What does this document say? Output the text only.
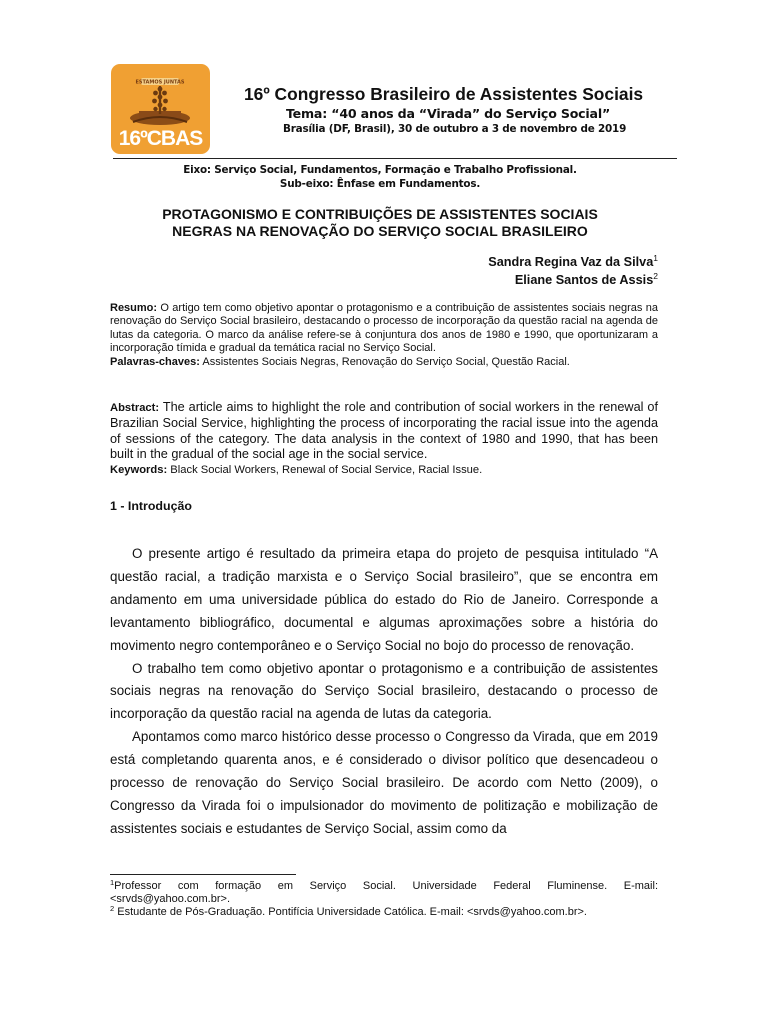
ESTAMOS JUNTAS
16ºCBAS
16º Congresso Brasileiro de Assistentes Sociais
Tema: “40 anos da “Virada” do Serviço Social”
Brasília (DF, Brasil), 30 de outubro a 3 de novembro de 2019
Eixo: Serviço Social, Fundamentos, Formação e Trabalho Profissional.
Sub-eixo: Ênfase em Fundamentos.
PROTAGONISMO E CONTRIBUIÇÕES DE ASSISTENTES SOCIAIS
NEGRAS NA RENOVAÇÃO DO SERVIÇO SOCIAL BRASILEIRO
Sandra Regina Vaz da Silva$^1$
Eliane Santos de Assis$^2$
Resumo: O artigo tem como objetivo apontar o protagonismo e a contribuição de assistentes sociais negras na renovação do Serviço Social brasileiro, destacando o processo de incorporação da questão racial na agenda de lutas da categoria. O marco da análise refere-se à conjuntura dos anos de 1980 e 1990, que oportunizaram a incorporação tímida e gradual da temática racial no Serviço Social.
Palavras-chaves: Assistentes Sociais Negras, Renovação do Serviço Social, Questão Racial.
Abstract: The article aims to highlight the role and contribution of social workers in the renewal of Brazilian Social Service, highlighting the process of incorporating the racial issue into the agenda of sessions of the category. The data analysis in the context of 1980 and 1990, that has been built in the gradual of the social age in the social service.
Keywords: Black Social Workers, Renewal of Social Service, Racial Issue.
1 - Introdução

O presente artigo é resultado da primeira etapa do projeto de pesquisa intitulado “A questão racial, a tradição marxista e o Serviço Social brasileiro”, que se encontra em andamento em uma universidade pública do estado do Rio de Janeiro. Corresponde a levantamento bibliográfico, documental e algumas aproximações sobre a história do movimento negro contemporâneo e o Serviço Social no bojo do processo de renovação.

O trabalho tem como objetivo apontar o protagonismo e a contribuição de assistentes sociais negras na renovação do Serviço Social brasileiro, destacando o processo de incorporação da questão racial na agenda de lutas da categoria.

Apontamos como marco histórico desse processo o Congresso da Virada, que em 2019 está completando quarenta anos, e é considerado o divisor político que desencadeou o processo de renovação do Serviço Social brasileiro. De acordo com Netto (2009), o Congresso da Virada foi o impulsionador do movimento de politização e mobilização de assistentes sociais e estudantes de Serviço Social, assim como da

$^1$Professor com formação em Serviço Social. Universidade Federal Fluminense. E-mail: <srvds@yahoo.com.br>.

$^2$ Estudante de Pós-Graduação. Pontifícia Universidade Católica. E-mail: <srvds@yahoo.com.br>.
